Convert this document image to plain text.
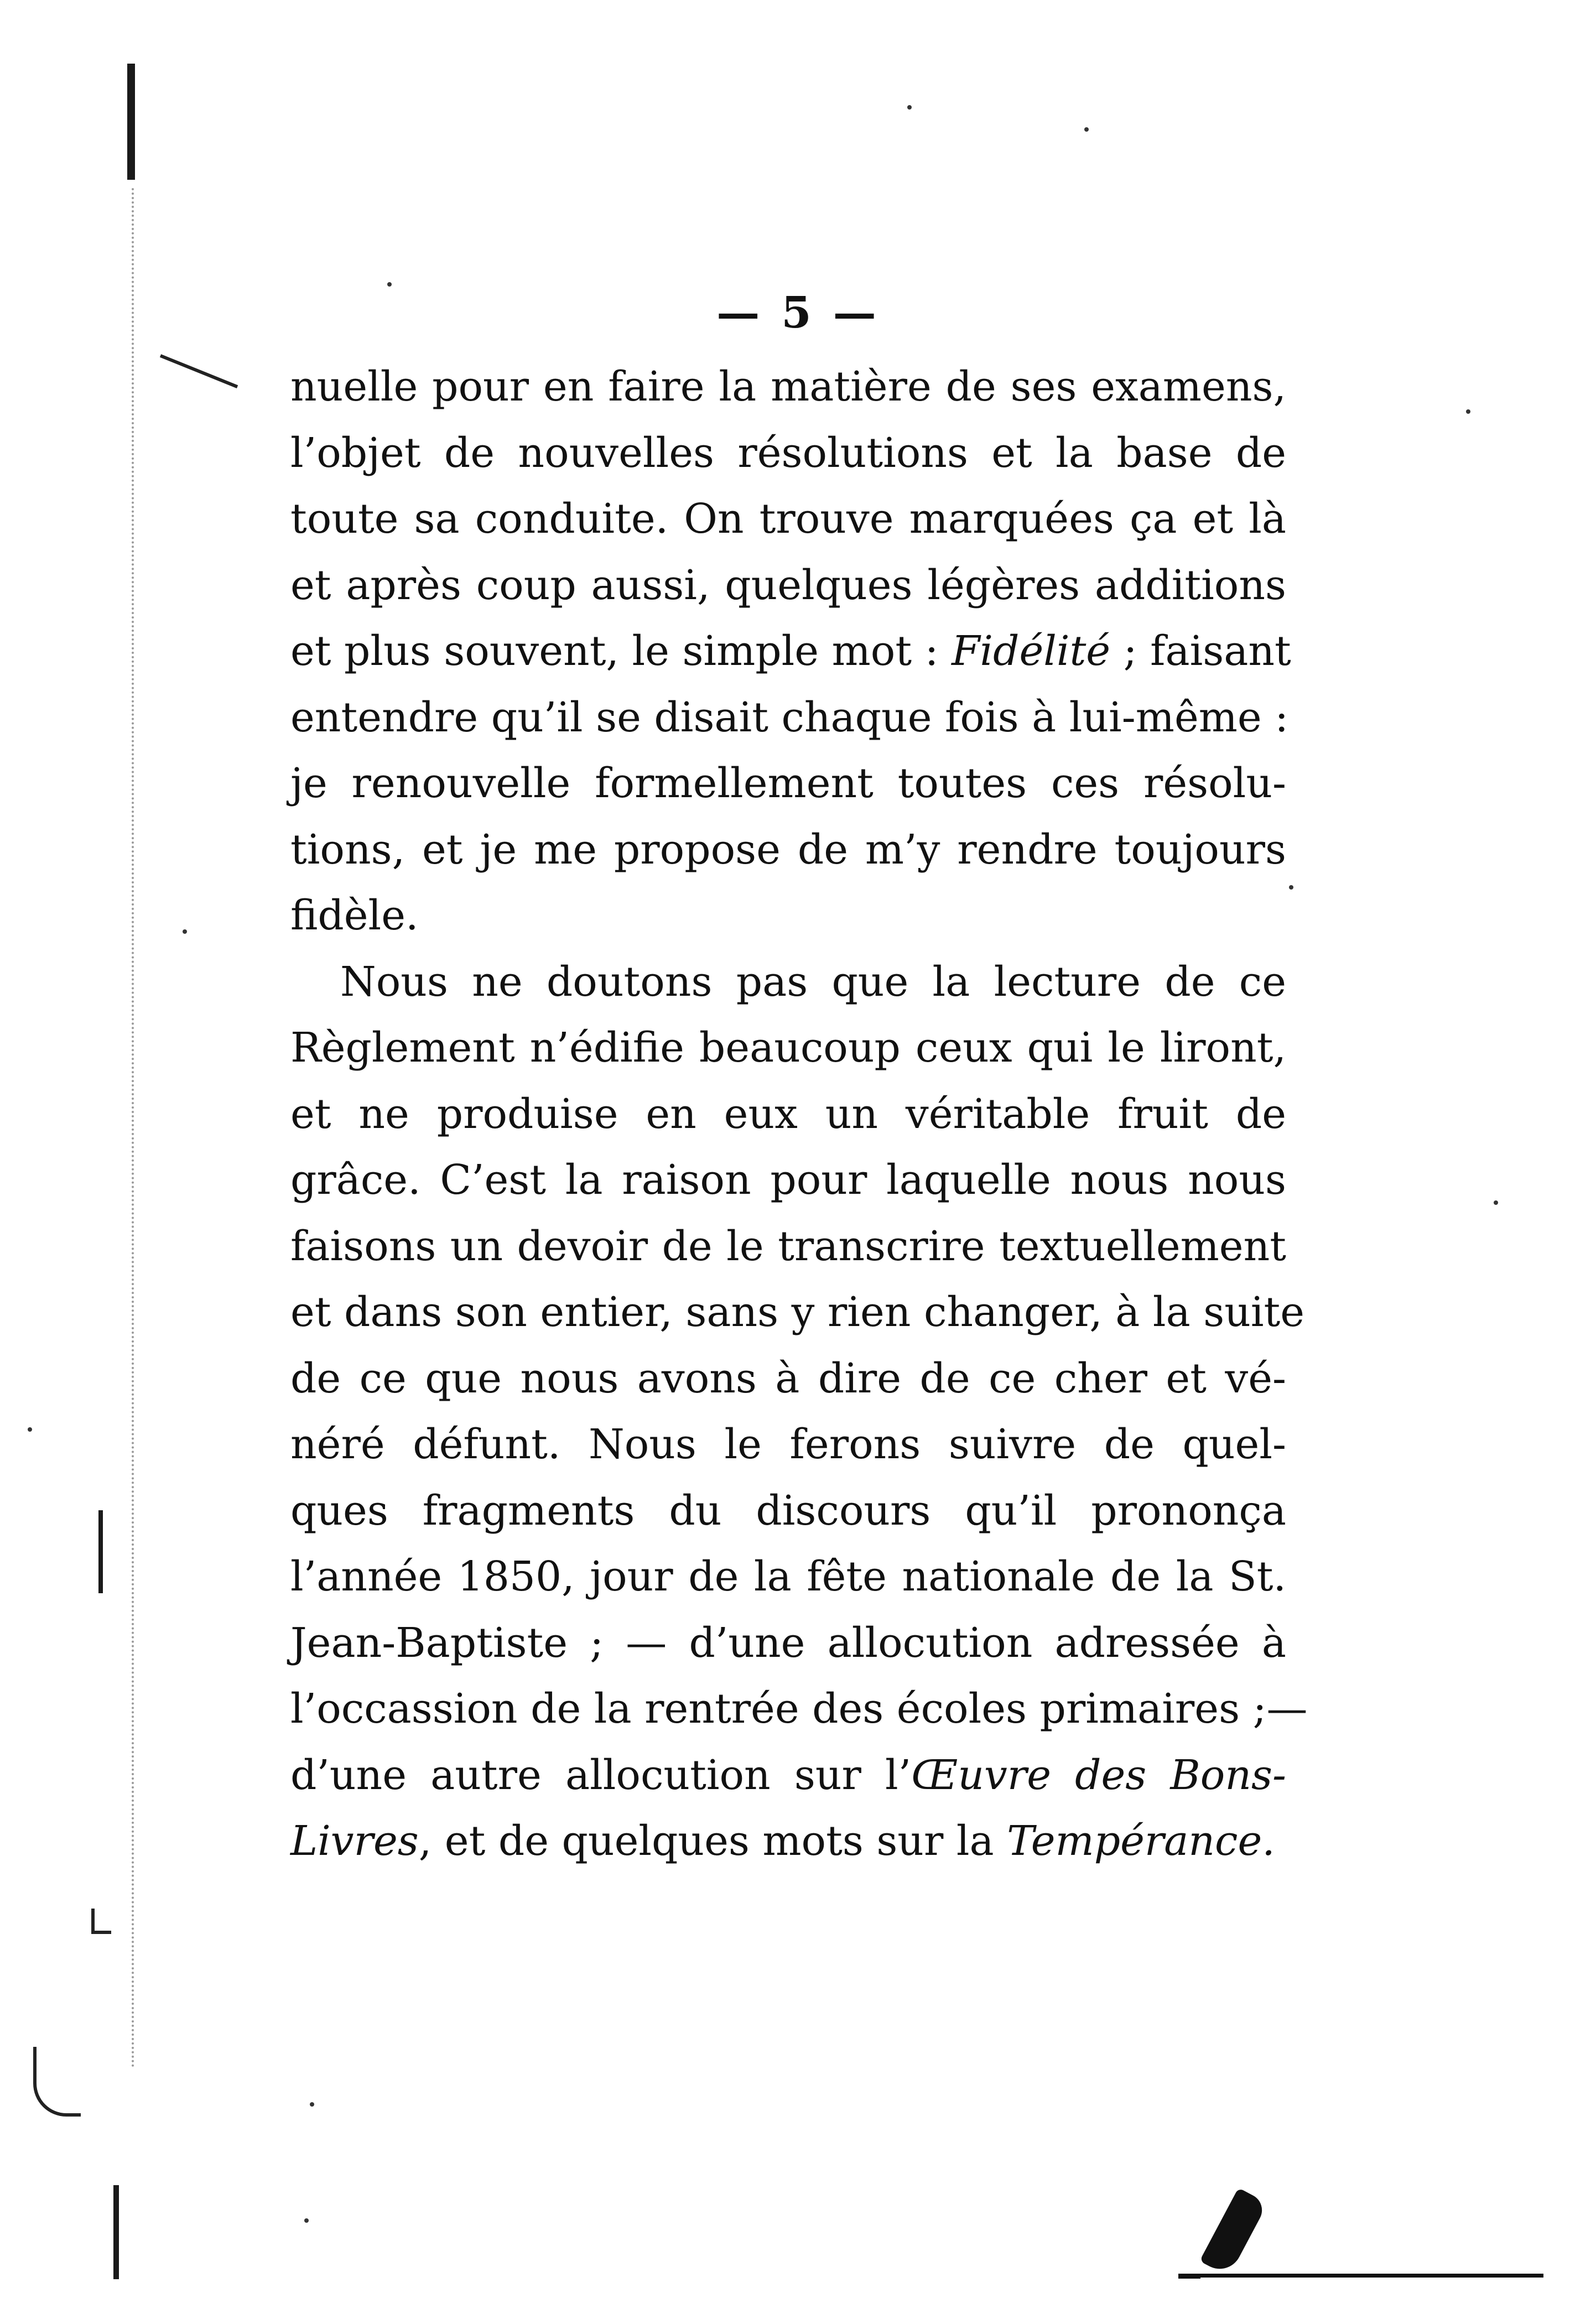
— 5 —
nuelle pour en faire la matière de ses examens,
l’objet de nouvelles résolutions et la base de
toute sa conduite. On trouve marquées ça et là
et après coup aussi, quelques légères additions
et plus souvent, le simple mot : Fidélité ; faisant
entendre qu’il se disait chaque fois à lui-même :
je renouvelle formellement toutes ces résolu-
tions, et je me propose de m’y rendre toujours
fidèle.
Nous ne doutons pas que la lecture de ce
Règlement n’édifie beaucoup ceux qui le liront,
et ne produise en eux un véritable fruit de
grâce. C’est la raison pour laquelle nous nous
faisons un devoir de le transcrire textuellement
et dans son entier, sans y rien changer, à la suite
de ce que nous avons à dire de ce cher et vé-
néré défunt. Nous le ferons suivre de quel-
ques fragments du discours qu’il prononça
l’année 1850, jour de la fête nationale de la St.
Jean-Baptiste ; — d’une allocution adressée à
l’occassion de la rentrée des écoles primaires ;—
d’une autre allocution sur l’Œuvre des Bons-
Livres, et de quelques mots sur la Tempérance.
